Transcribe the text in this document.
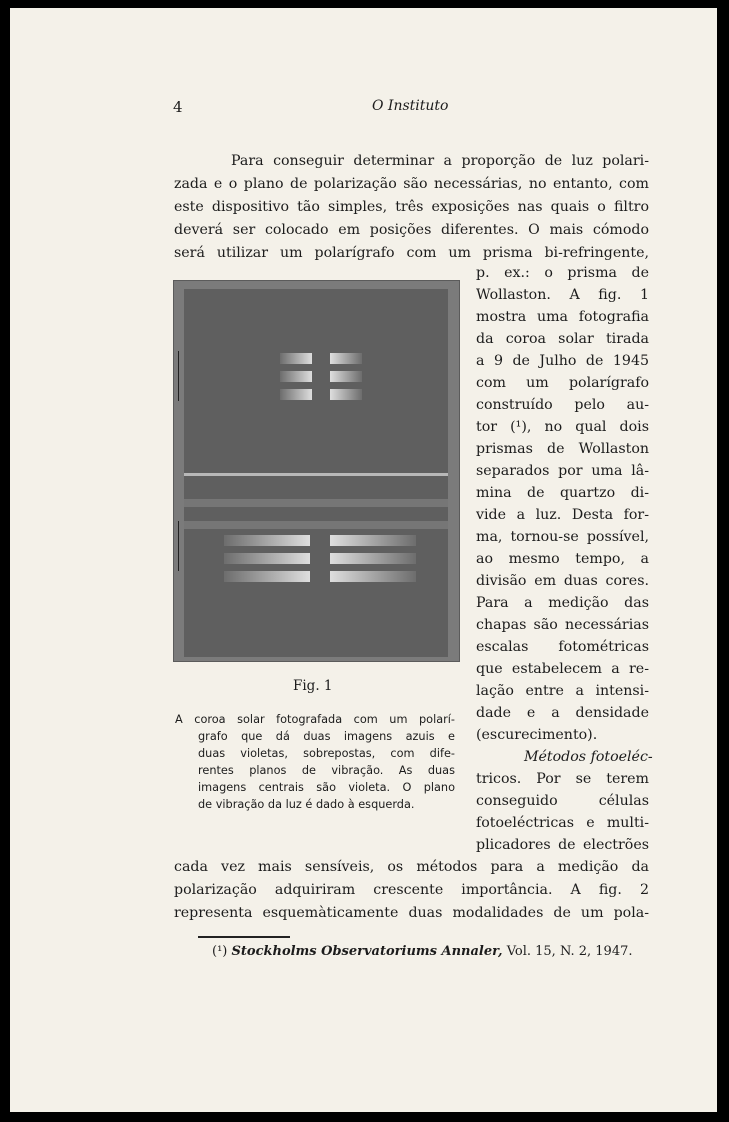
4	O Instituto
Para conseguir determinar a proporção de luz polari-
zada e o plano de polarização são necessárias, no entanto, com
este dispositivo tão simples, três exposições nas quais o filtro
deverá ser colocado em posições diferentes. O mais cómodo
será utilizar um polarígrafo com um prisma bi-refringente,
p. ex.: o prisma de
Wollaston. A fig. 1
mostra uma fotografia
da coroa solar tirada
a 9 de Julho de 1945
com um polarígrafo
construído pelo au-
tor (¹), no qual dois
prismas de Wollaston
separados por uma lâ-
mina de quartzo di-
vide a luz. Desta for-
ma, tornou-se possível,
ao mesmo tempo, a
divisão em duas cores.
Para a medição das
chapas são necessárias
escalas fotométricas
que estabelecem a re-
lação entre a intensi-
dade e a densidade
(escurecimento).
Métodos fotoeléc-
tricos. Por se terem
conseguido células
fotoeléctricas e multi-
plicadores de electrões
Fig. 1
A coroa solar fotografada com um polarí-
grafo que dá duas imagens azuis e
duas violetas, sobrepostas, com dife-
rentes planos de vibração. As duas
imagens centrais são violeta. O plano
de vibração da luz é dado à esquerda.
cada vez mais sensíveis, os métodos para a medição da
polarização adquiriram crescente importância. A fig. 2
representa esquemàticamente duas modalidades de um pola-
(¹) Stockholms Observatoriums Annaler, Vol. 15, N. 2, 1947.
